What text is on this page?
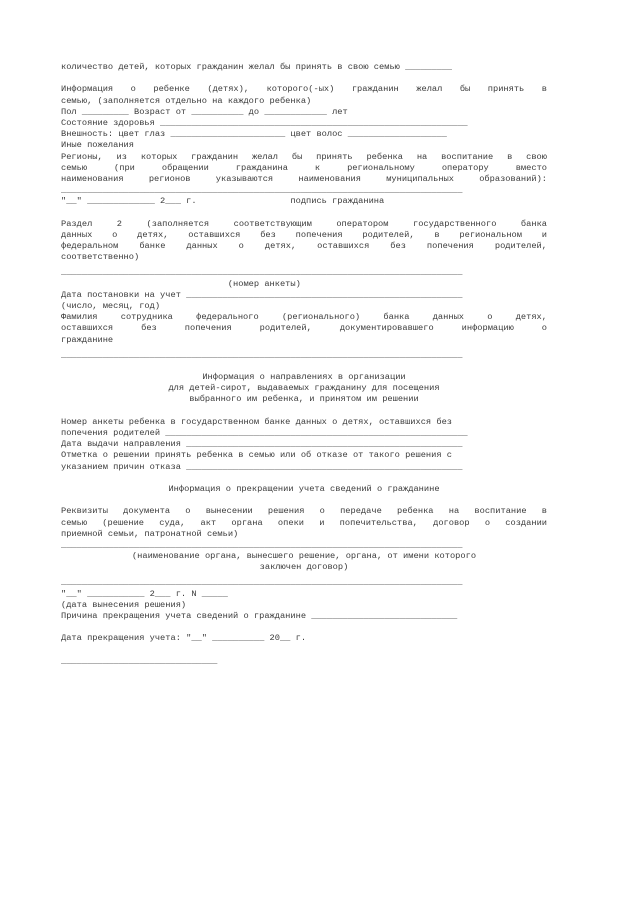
количество детей, которых гражданин желал бы принять в свою семью _________
Информация о ребенке (детях), которого(-ых) гражданин желал бы принять в
семью, (заполняется отдельно на каждого ребенка)
Пол _________ Возраст от __________ до ____________ лет
Состояние здоровья ___________________________________________________________
Внешность: цвет глаз ______________________ цвет волос ___________________
Иные пожелания
Регионы, из которых гражданин желал бы принять ребенка на воспитание в свою
семью (при обращении гражданина к региональному оператору вместо
наименования регионов указываются наименования муниципальных образований):
_____________________________________________________________________________
"__" _____________ 2___ г.                  подпись гражданина
Раздел 2 (заполняется соответствующим оператором государственного банка
данных о детях, оставшихся без попечения родителей, в региональном и
федеральном банке данных о детях, оставшихся без попечения родителей,
соответственно)
_____________________________________________________________________________
(номер анкеты)
Дата постановки на учет _____________________________________________________
(число, месяц, год)
Фамилия сотрудника федерального (регионального) банка данных о детях,
оставшихся без попечения родителей, документировавшего информацию о
гражданине
_____________________________________________________________________________
Информация о направлениях в организации
для детей-сирот, выдаваемых гражданину для посещения
выбранного им ребенка, и принятом им решении
Номер анкеты ребенка в государственном банке данных о детях, оставшихся без
попечения родителей __________________________________________________________
Дата выдачи направления _____________________________________________________
Отметка о решении принять ребенка в семью или об отказе от такого решения с
указанием причин отказа _____________________________________________________
Информация о прекращении учета сведений о гражданине
Реквизиты документа о вынесении решения о передаче ребенка на воспитание в
семью (решение суда, акт органа опеки и попечительства, договор о создании
приемной семьи, патронатной семьи)
_____________________________________________________________________________
(наименование органа, вынесшего решение, органа, от имени которого
заключен договор)
_____________________________________________________________________________
"__" ___________ 2___ г. N _____
(дата вынесения решения)
Причина прекращения учета сведений о гражданине ____________________________
Дата прекращения учета: "__" __________ 20__ г.
______________________________
